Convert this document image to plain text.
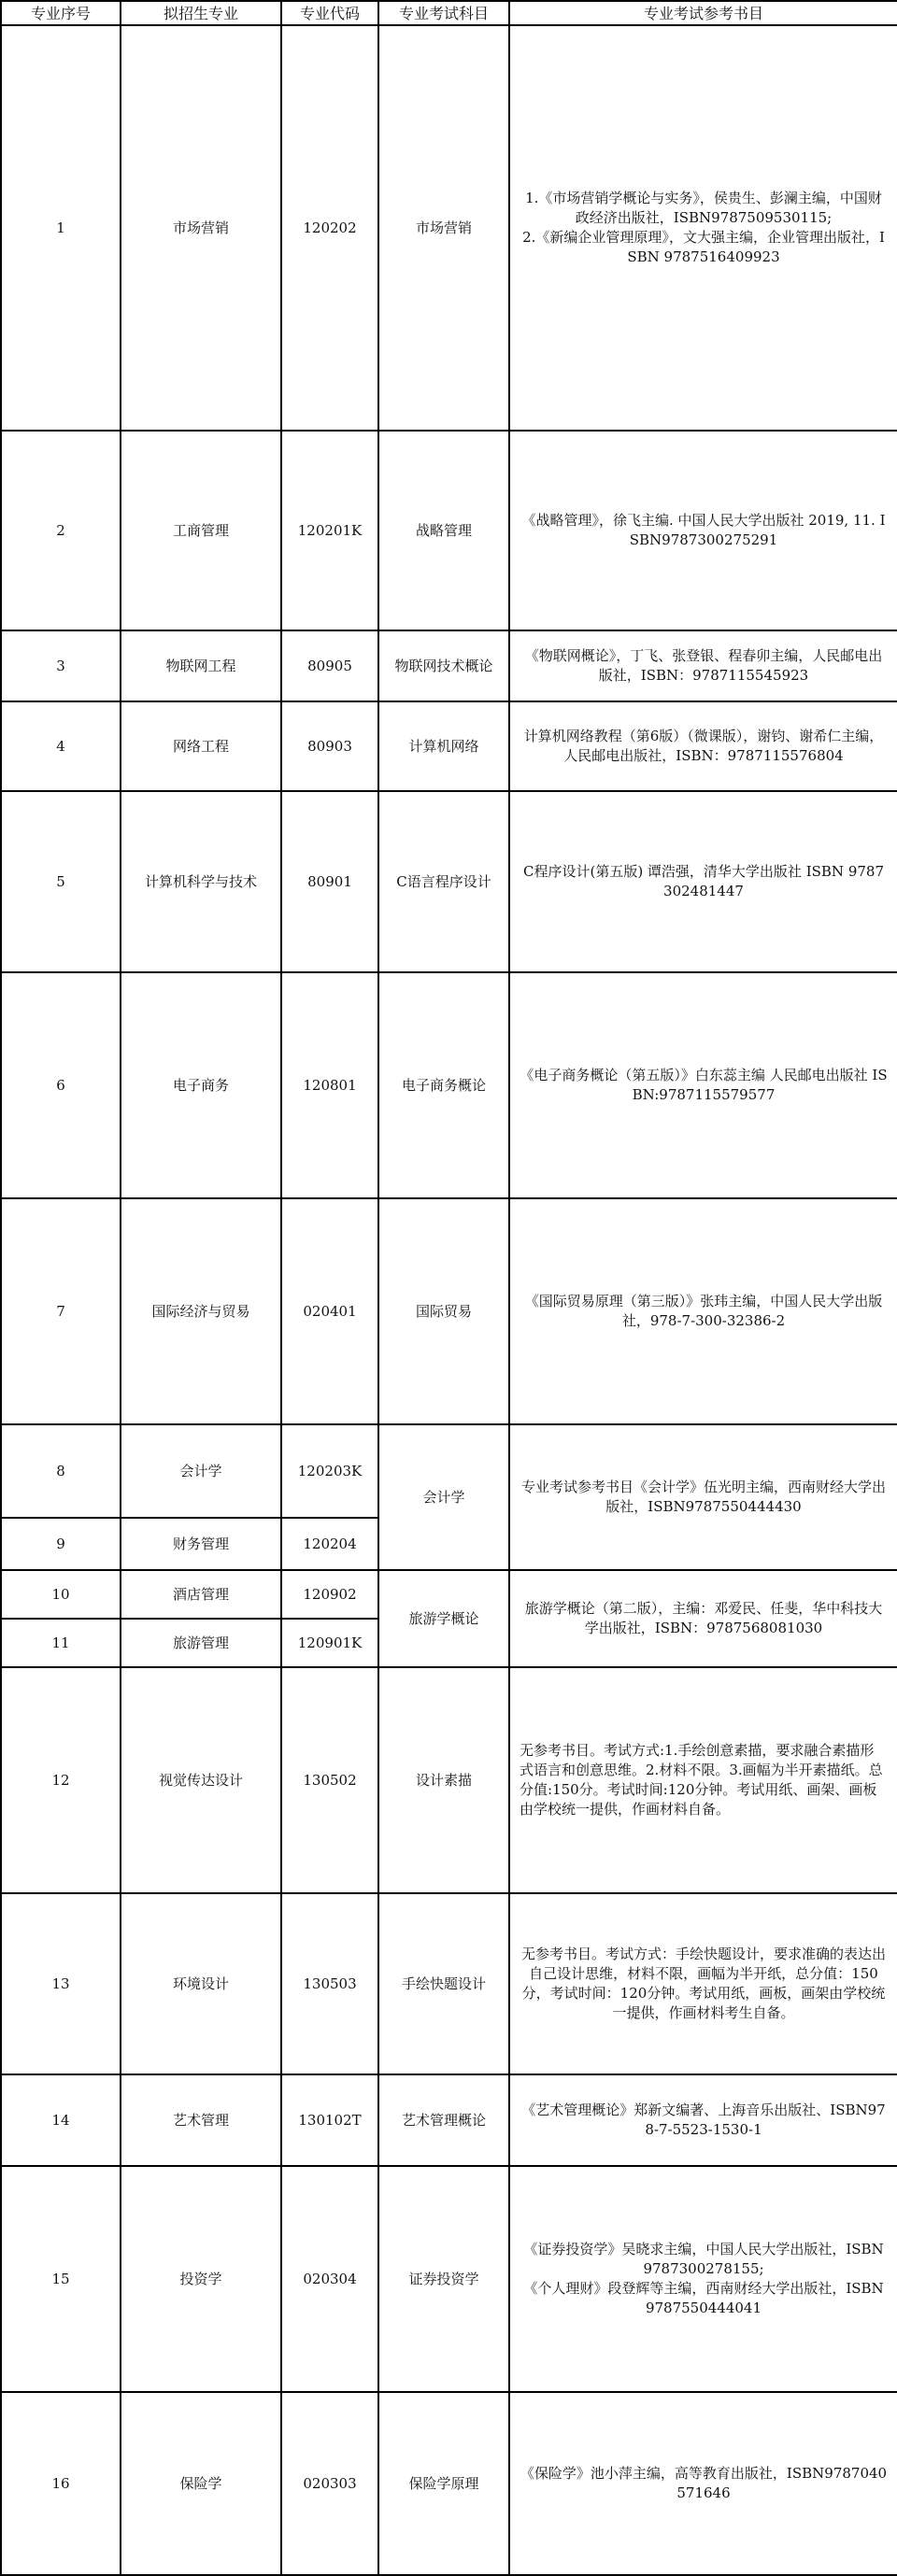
专业序号	拟招生专业	专业代码	专业考试科目	专业考试参考书目
1	市场营销	120202	市场营销	1.《市场营销学概论与实务》，侯贵生、彭澜主编，中国财政经济出版社，ISBN9787509530115;
2.《新编企业管理原理》，文大强主编，企业管理出版社，ISBN 9787516409923
2	工商管理	120201K	战略管理	《战略管理》，徐飞主编. 中国人民大学出版社 2019, 11. ISBN9787300275291
3	物联网工程	80905	物联网技术概论	《物联网概论》，丁飞、张登银、程春卯主编，人民邮电出版社，ISBN：9787115545923
4	网络工程	80903	计算机网络	计算机网络教程（第6版）（微课版），谢钧、谢希仁主编，人民邮电出版社，ISBN：9787115576804
5	计算机科学与技术	80901	C语言程序设计	C程序设计(第五版) 谭浩强，清华大学出版社 ISBN 9787302481447
6	电子商务	120801	电子商务概论	《电子商务概论（第五版）》白东蕊主编 人民邮电出版社 ISBN:9787115579577
7	国际经济与贸易	020401	国际贸易	《国际贸易原理（第三版）》张玮主编，中国人民大学出版社，978-7-300-32386-2
8	会计学	120203K	会计学	专业考试参考书目《会计学》伍光明主编，西南财经大学出版社，ISBN9787550444430
9	财务管理	120204		
10	酒店管理	120902	旅游学概论	旅游学概论（第二版），主编：邓爱民、任斐，华中科技大学出版社，ISBN：9787568081030
11	旅游管理	120901K		
12	视觉传达设计	130502	设计素描	无参考书目。考试方式:1.手绘创意素描，要求融合素描形式语言和创意思维。2.材料不限。3.画幅为半开素描纸。总分值:150分。考试时间:120分钟。考试用纸、画架、画板由学校统一提供，作画材料自备。
13	环境设计	130503	手绘快题设计	无参考书目。考试方式：手绘快题设计，要求准确的表达出自己设计思维，材料不限，画幅为半开纸，总分值：150分，考试时间：120分钟。考试用纸，画板，画架由学校统一提供，作画材料考生自备。
14	艺术管理	130102T	艺术管理概论	《艺术管理概论》郑新文编著、上海音乐出版社、ISBN978-7-5523-1530-1
15	投资学	020304	证券投资学	《证券投资学》吴晓求主编，中国人民大学出版社，ISBN9787300278155;
《个人理财》段登辉等主编，西南财经大学出版社，ISBN9787550444041
16	保险学	020303	保险学原理	《保险学》池小萍主编，高等教育出版社，ISBN9787040571646
